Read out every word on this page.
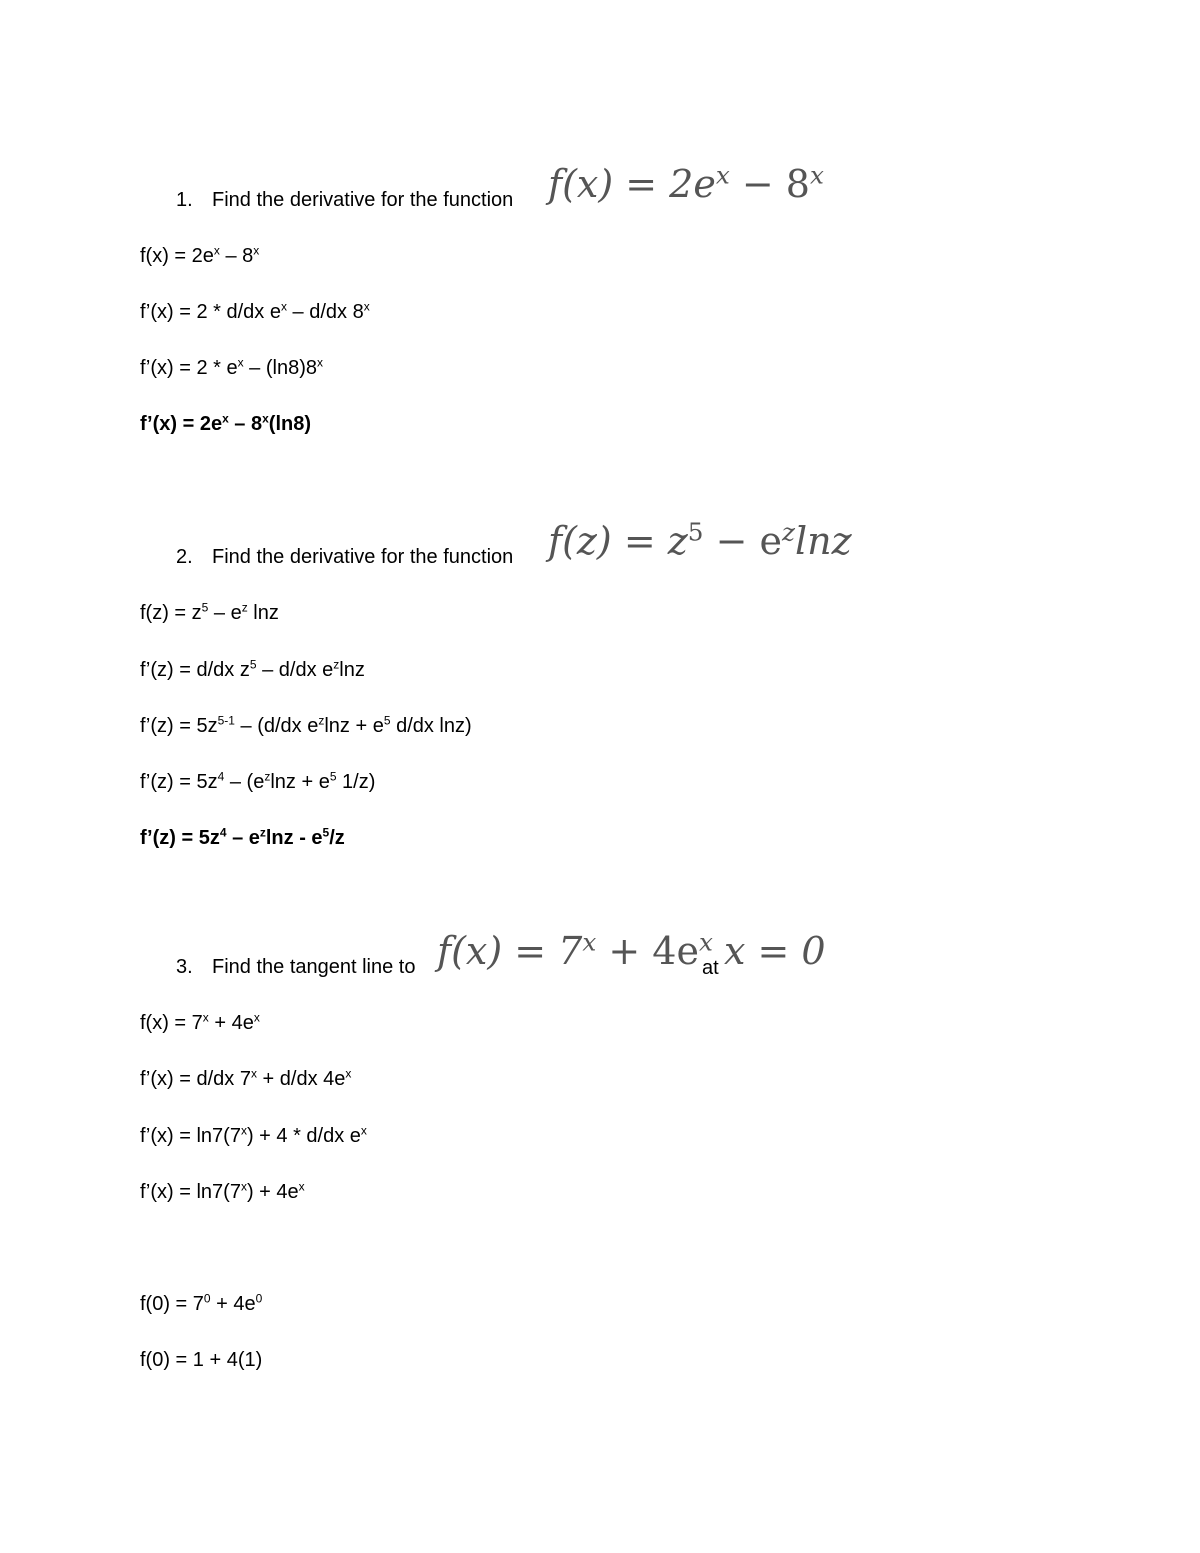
1. Find the derivative for the function $f(x) = 2e^x - 8^x$
$f(x) = 2e^x - 8^x$
f’(x) = 2 * d/dx $e^x - d/dx$ 8$^x$
f’(x) = $2 * e^x - (\ln 8)8^x$
f’(x) = $2e^x - 8^x(\ln 8)$
2. Find the derivative for the function $f(z) = z^5 - e^z\ln z$
$f(z) = z^5 - e^z$ lnz
f’(z) = d/dx $z^5 - d/dx$ $e^z\ln z$
f’(z) = $5z^{5-1} - (d/dx$ $e^z\ln z + e^5$ d/dx lnz)
f’(z) = $5z^4 - (e^z\ln z + e^5$ 1/z)
f’(z) = $5z^4 - e^z\ln z - e^5/z$
3. Find the tangent line to $f(x) = 7^x + 4e^x$
at x = 0
$f(x) = 7^x + 4e^x$
f’(x) = d/dx $7^x + d/dx$ $4e^x$
f’(x) = $\ln 7(7^x) + 4 * d/dx$ $e^x$
f’(x) = $\ln 7(7^x) + 4e^x$
$f(0) = 7^0 + 4e^0$
f(0) = 1 + 4(1)
